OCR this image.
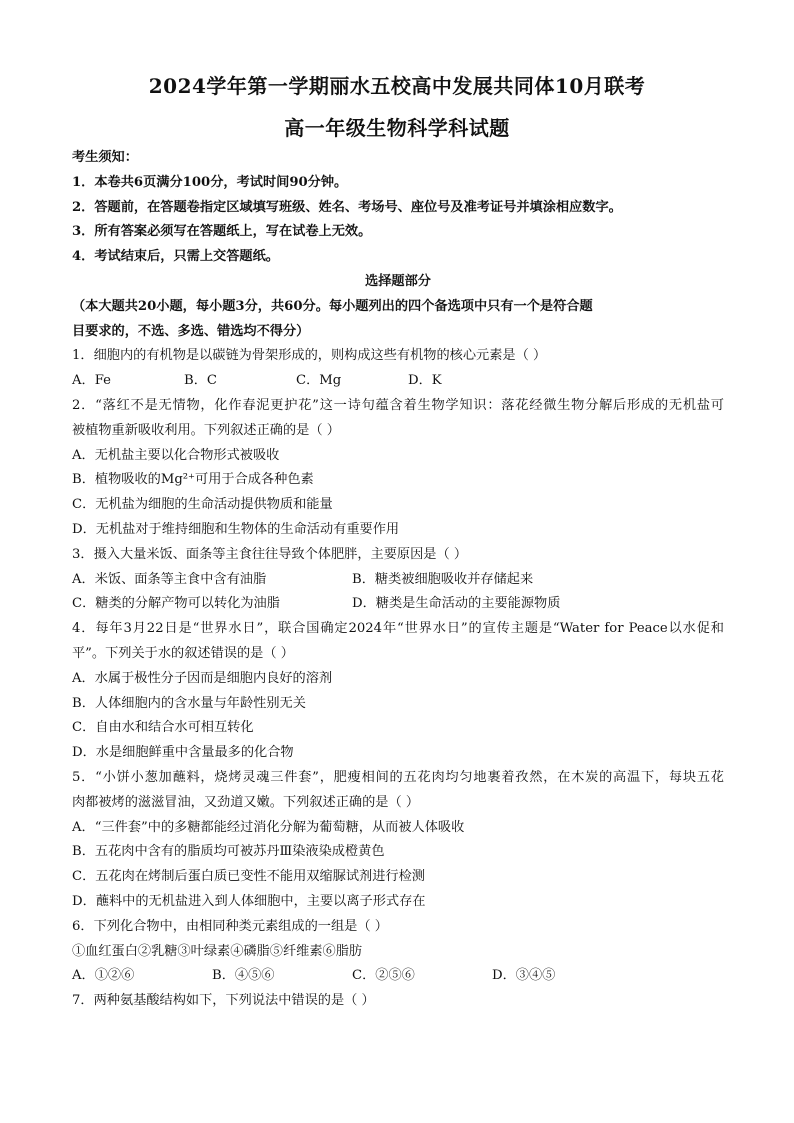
2024学年第一学期丽水五校高中发展共同体10月联考
高一年级生物科学科试题
考生须知：
1．本卷共6页满分100分，考试时间90分钟。
2．答题前，在答题卷指定区域填写班级、姓名、考场号、座位号及准考证号并填涂相应数字。
3．所有答案必须写在答题纸上，写在试卷上无效。
4．考试结束后，只需上交答题纸。
选择题部分
（本大题共20小题，每小题3分，共60分。每小题列出的四个备选项中只有一个是符合题
目要求的，不选、多选、错选均不得分）
1．细胞内的有机物是以碳链为骨架形成的，则构成这些有机物的核心元素是（ ）
A．Fe	B．C	C．Mg	D．K
2．“落红不是无情物，化作春泥更护花”这一诗句蕴含着生物学知识：落花经微生物分解后形成的无机盐可
被植物重新吸收利用。下列叙述正确的是（ ）
A．无机盐主要以化合物形式被吸收
B．植物吸收的Mg²⁺可用于合成各种色素
C．无机盐为细胞的生命活动提供物质和能量
D．无机盐对于维持细胞和生物体的生命活动有重要作用
3．摄入大量米饭、面条等主食往往导致个体肥胖，主要原因是（ ）
A．米饭、面条等主食中含有油脂	B．糖类被细胞吸收并存储起来
C．糖类的分解产物可以转化为油脂	D．糖类是生命活动的主要能源物质
4．每年3月22日是“世界水日”，联合国确定2024年“世界水日”的宣传主题是“Water for Peace以水促和
平”。下列关于水的叙述错误的是（ ）
A．水属于极性分子因而是细胞内良好的溶剂
B．人体细胞内的含水量与年龄性别无关
C．自由水和结合水可相互转化
D．水是细胞鲜重中含量最多的化合物
5．“小饼小葱加蘸料，烧烤灵魂三件套”，肥瘦相间的五花肉均匀地裹着孜然，在木炭的高温下，每块五花
肉都被烤的滋滋冒油，又劲道又嫩。下列叙述正确的是（ ）
A．“三件套”中的多糖都能经过消化分解为葡萄糖，从而被人体吸收
B．五花肉中含有的脂质均可被苏丹Ⅲ染液染成橙黄色
C．五花肉在烤制后蛋白质已变性不能用双缩脲试剂进行检测
D．蘸料中的无机盐进入到人体细胞中，主要以离子形式存在
6．下列化合物中，由相同种类元素组成的一组是（ ）
①血红蛋白②乳糖③叶绿素④磷脂⑤纤维素⑥脂肪
A．①②⑥	B．④⑤⑥	C．②⑤⑥	D．③④⑤
7．两种氨基酸结构如下，下列说法中错误的是（ ）
